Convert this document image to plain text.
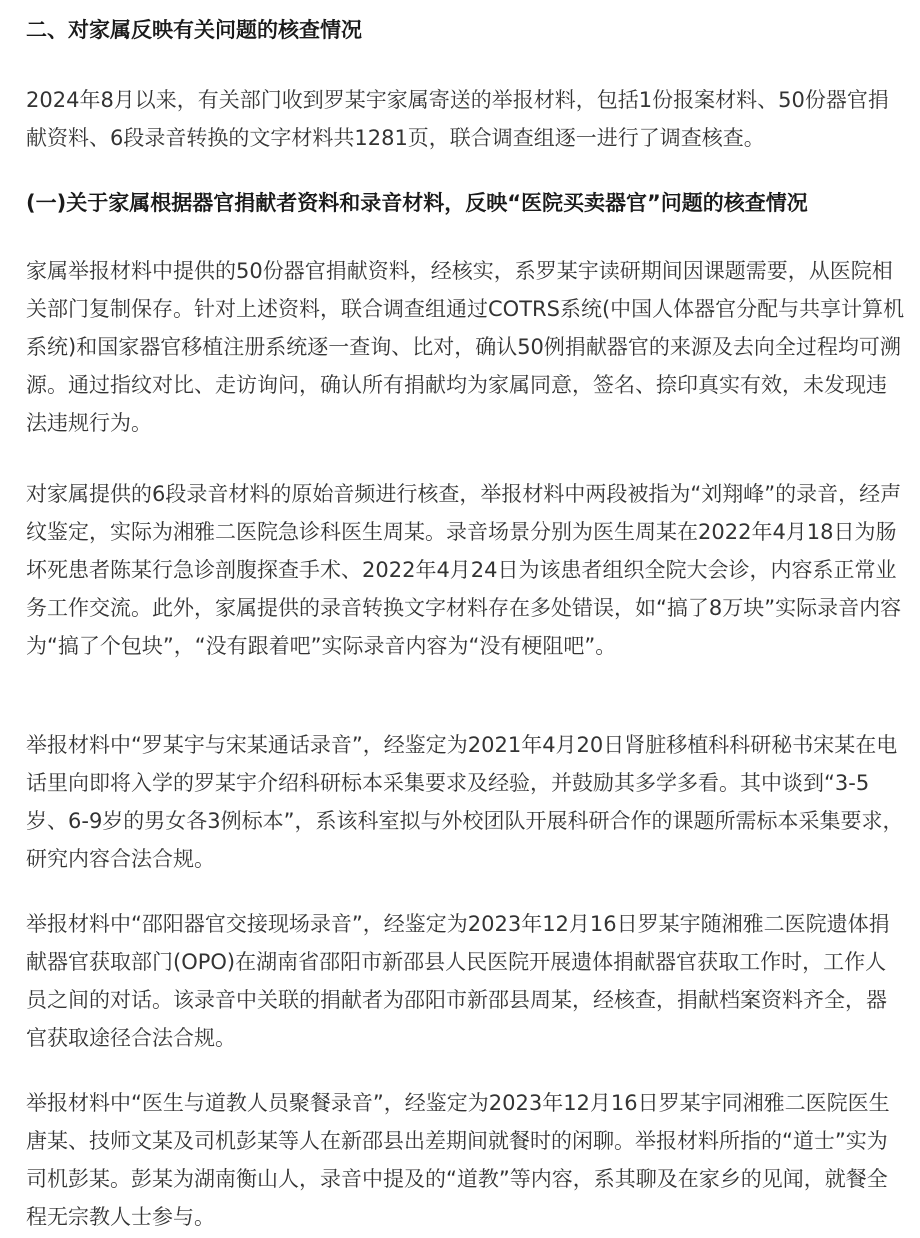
二、对家属反映有关问题的核查情况

2024年8月以来，有关部门收到罗某宇家属寄送的举报材料，包括1份报案材料、50份器官捐献资料、6段录音转换的文字材料共1281页，联合调查组逐一进行了调查核查。

(一)关于家属根据器官捐献者资料和录音材料，反映“医院买卖器官”问题的核查情况

家属举报材料中提供的50份器官捐献资料，经核实，系罗某宇读研期间因课题需要，从医院相关部门复制保存。针对上述资料，联合调查组通过COTRS系统(中国人体器官分配与共享计算机系统)和国家器官移植注册系统逐一查询、比对，确认50例捐献器官的来源及去向全过程均可溯源。通过指纹对比、走访询问，确认所有捐献均为家属同意，签名、捺印真实有效，未发现违法违规行为。

对家属提供的6段录音材料的原始音频进行核查，举报材料中两段被指为“刘翔峰”的录音，经声纹鉴定，实际为湘雅二医院急诊科医生周某。录音场景分别为医生周某在2022年4月18日为肠坏死患者陈某行急诊剖腹探查手术、2022年4月24日为该患者组织全院大会诊，内容系正常业务工作交流。此外，家属提供的录音转换文字材料存在多处错误，如“搞了8万块”实际录音内容为“搞了个包块”，“没有跟着吧”实际录音内容为“没有梗阻吧”。

举报材料中“罗某宇与宋某通话录音”，经鉴定为2021年4月20日肾脏移植科科研秘书宋某在电话里向即将入学的罗某宇介绍科研标本采集要求及经验，并鼓励其多学多看。其中谈到“3-5岁、6-9岁的男女各3例标本”，系该科室拟与外校团队开展科研合作的课题所需标本采集要求，研究内容合法合规。

举报材料中“邵阳器官交接现场录音”，经鉴定为2023年12月16日罗某宇随湘雅二医院遗体捐献器官获取部门(OPO)在湖南省邵阳市新邵县人民医院开展遗体捐献器官获取工作时，工作人员之间的对话。该录音中关联的捐献者为邵阳市新邵县周某，经核查，捐献档案资料齐全，器官获取途径合法合规。

举报材料中“医生与道教人员聚餐录音”，经鉴定为2023年12月16日罗某宇同湘雅二医院医生唐某、技师文某及司机彭某等人在新邵县出差期间就餐时的闲聊。举报材料所指的“道士”实为司机彭某。彭某为湖南衡山人，录音中提及的“道教”等内容，系其聊及在家乡的见闻，就餐全程无宗教人士参与。
